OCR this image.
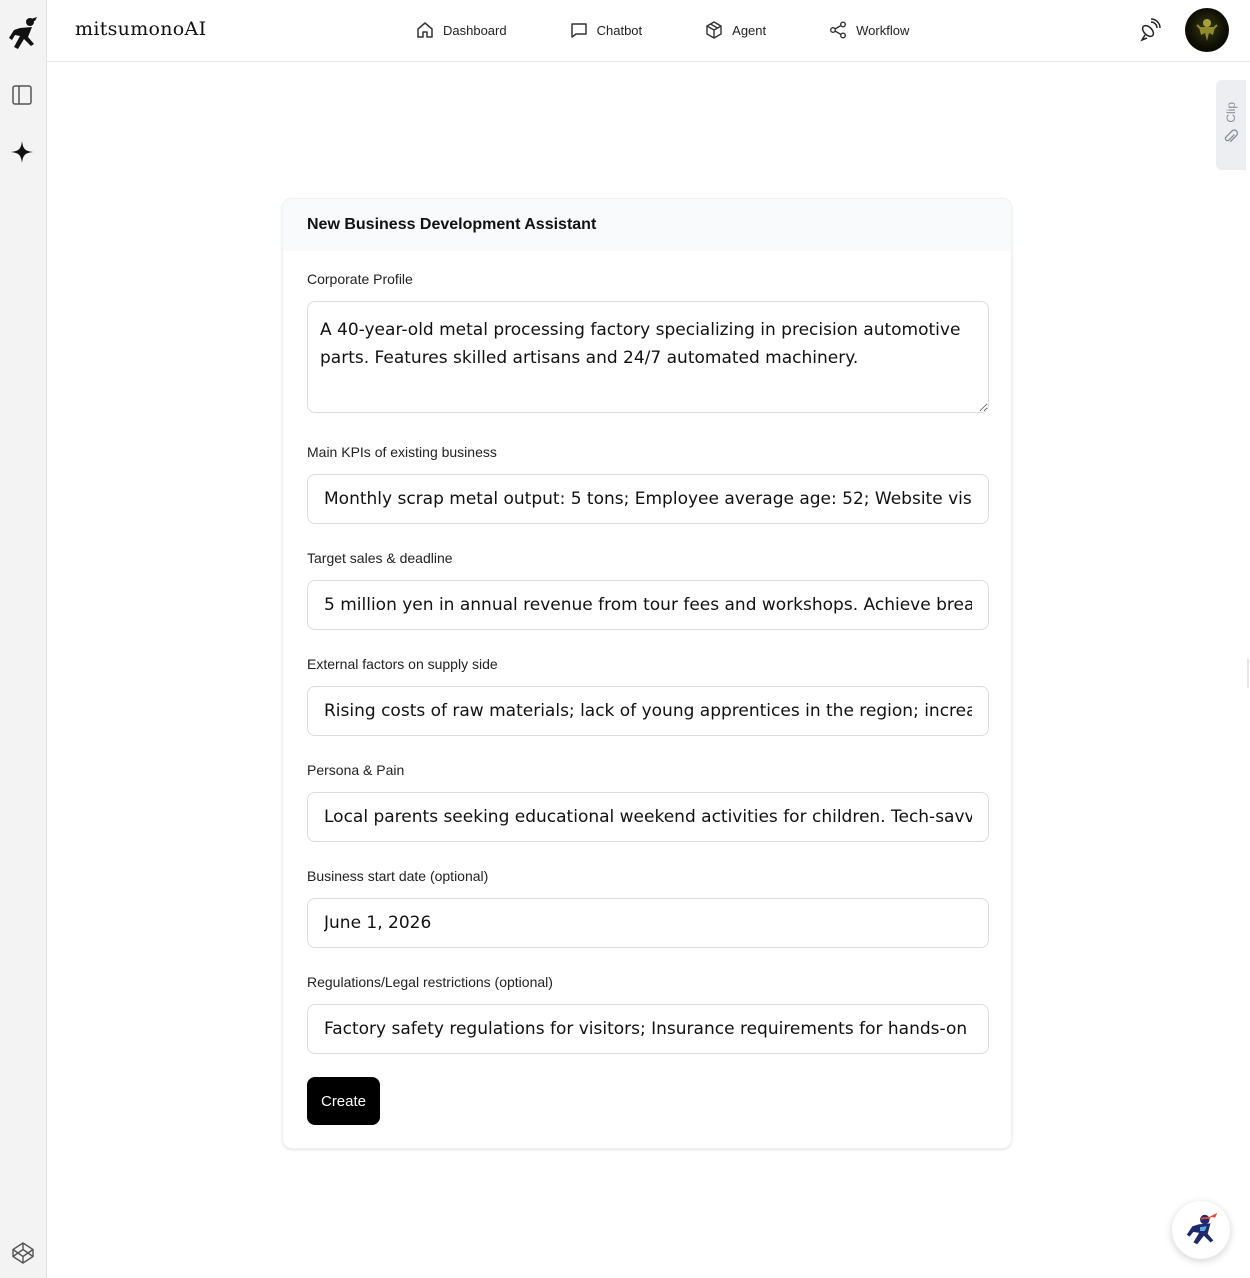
mitsumonoAI	Dashboard	Chatbot	Agent	Workflow
Clip
New Business Development Assistant
Corporate Profile
A 40-year-old metal processing factory specializing in precision automotive parts. Features skilled artisans and 24/7 automated machinery.
Main KPIs of existing business
Monthly scrap metal output: 5 tons; Employee average age: 52; Website visitors:
Target sales & deadline
5 million yen in annual revenue from tour fees and workshops. Achieve break-eve
External factors on supply side
Rising costs of raw materials; lack of young apprentices in the region; increasing i
Persona & Pain
Local parents seeking educational weekend activities for children. Tech-savvy ho
Business start date (optional)
June 1, 2026
Regulations/Legal restrictions (optional)
Factory safety regulations for visitors; Insurance requirements for hands-on works
Create
